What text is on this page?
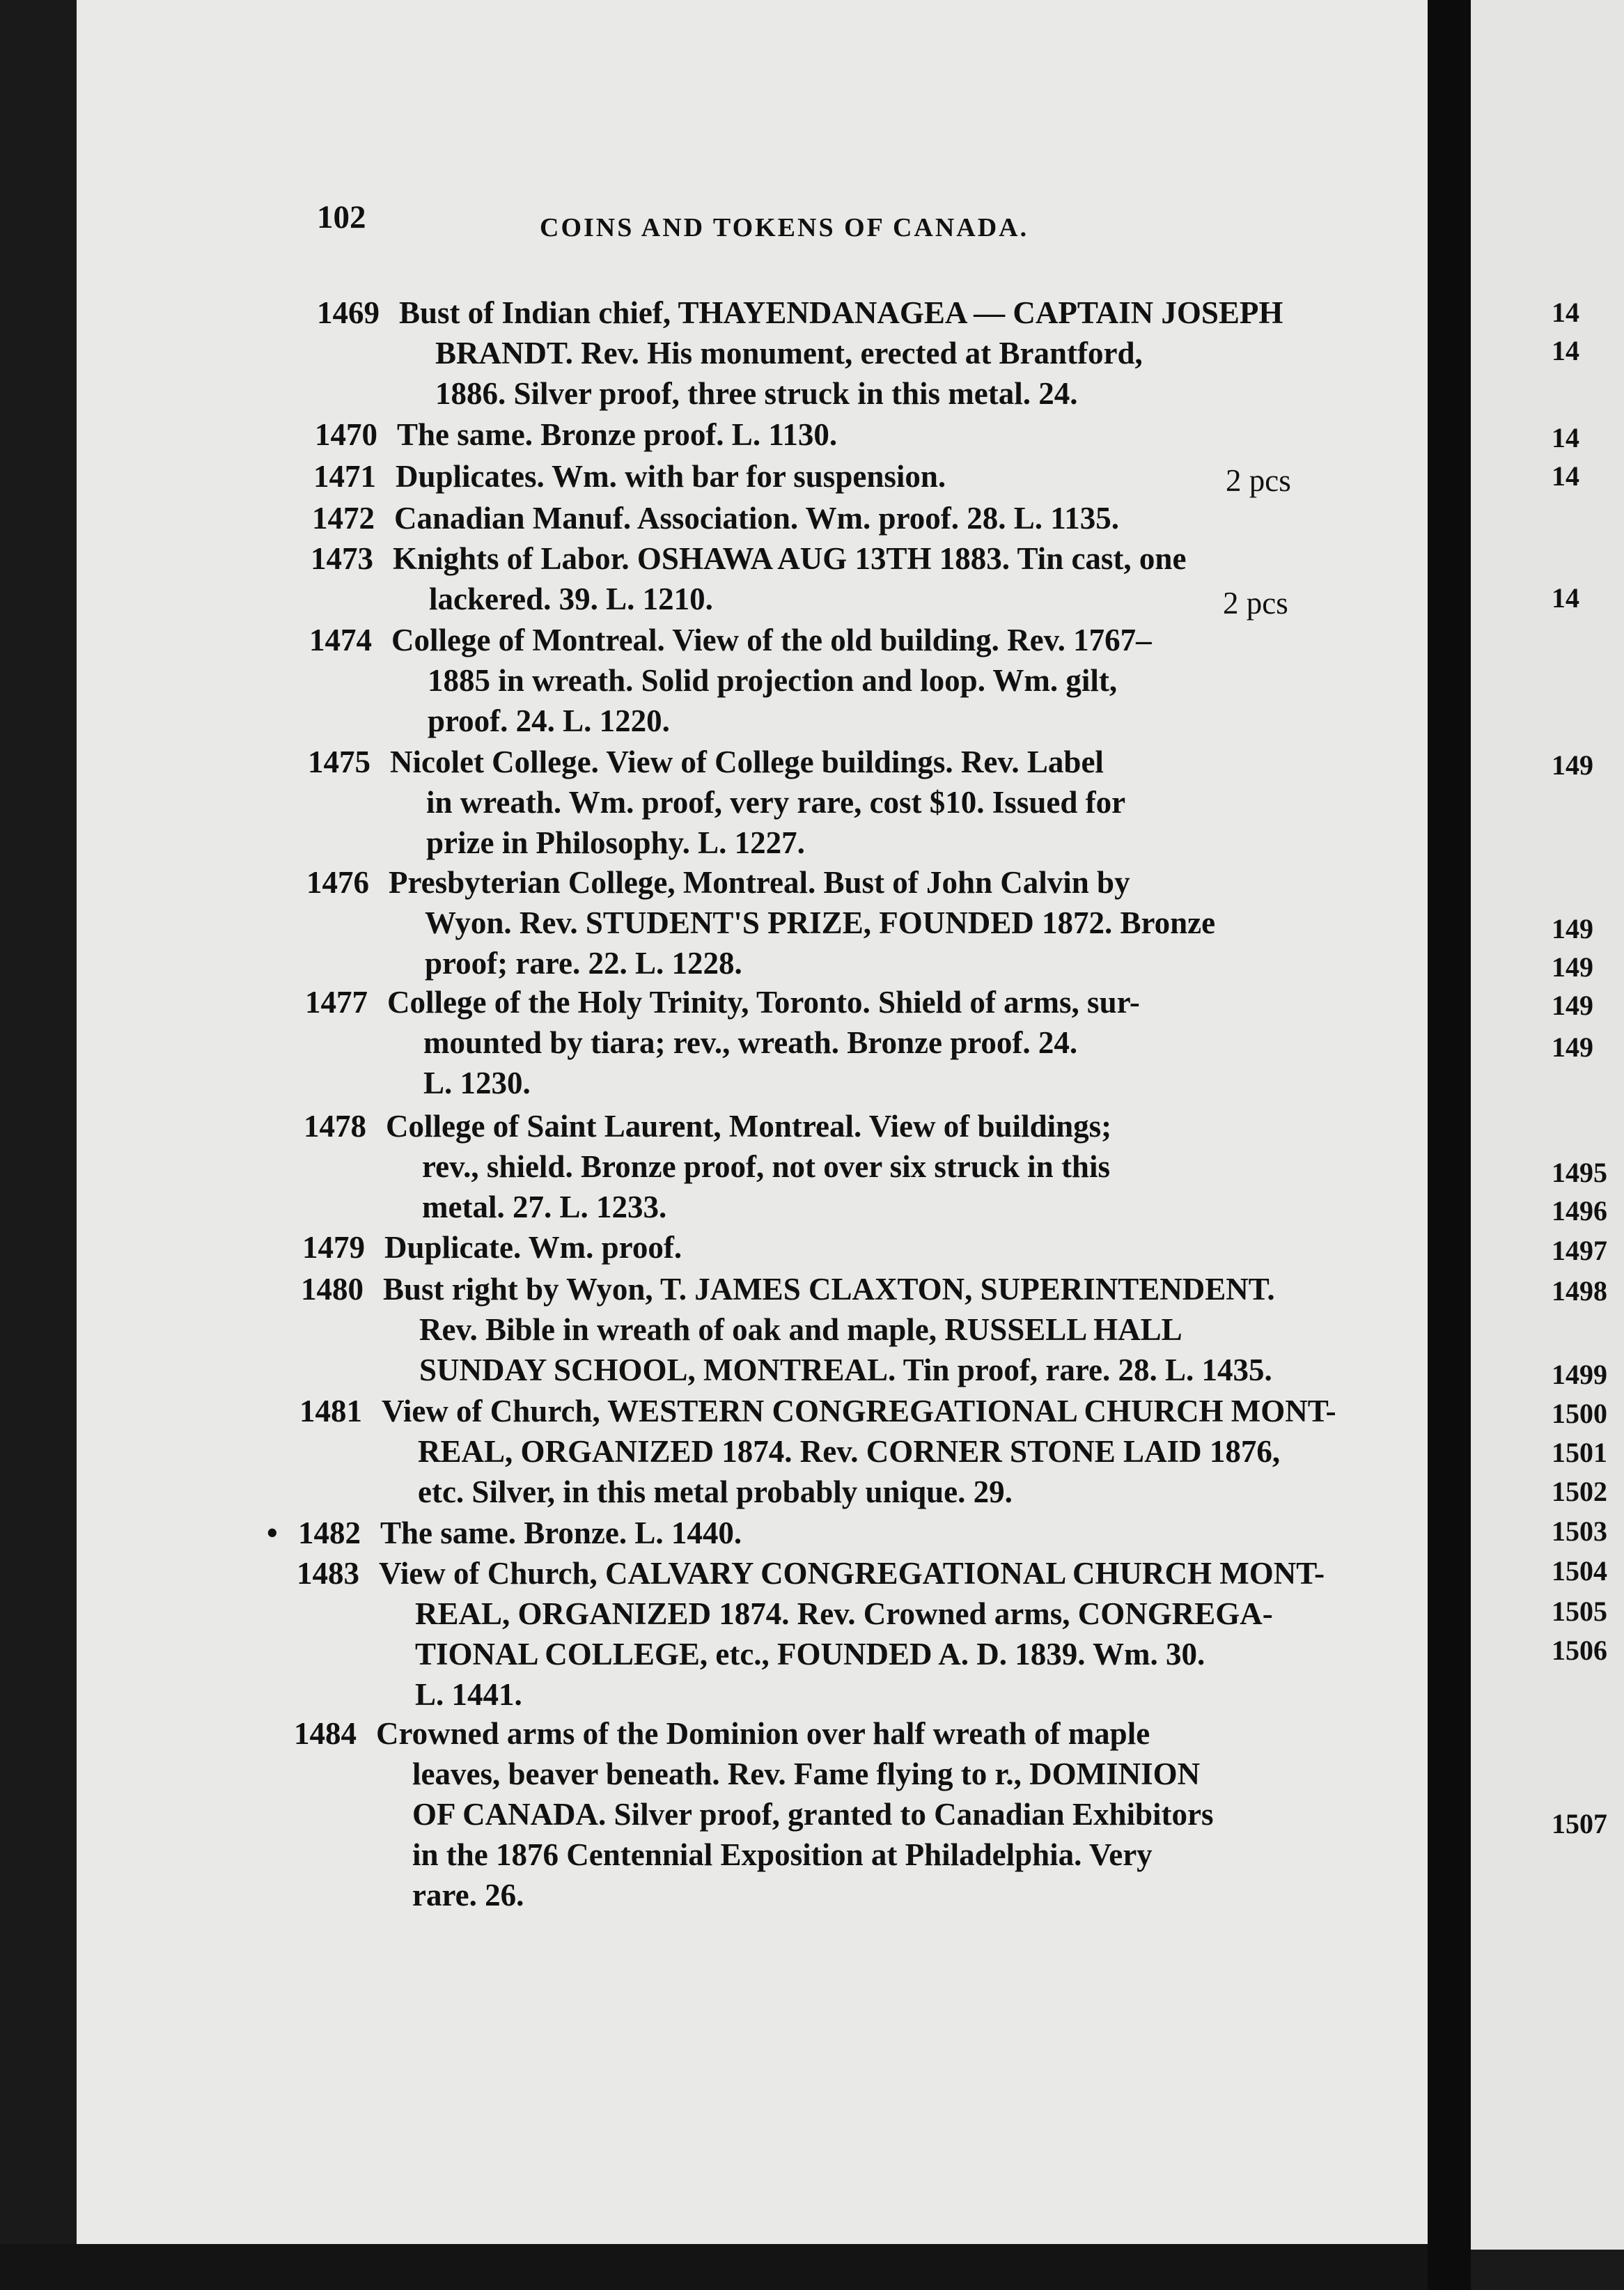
102	COINS AND TOKENS OF CANADA.
1469 Bust of Indian chief, THAYENDANAGEA — CAPTAIN JOSEPH
BRANDT. Rev. His monument, erected at Brantford,
1886. Silver proof, three struck in this metal. 24.
1470 The same. Bronze proof. L. 1130.
1471 Duplicates. Wm. with bar for suspension.	2 pcs
1472 Canadian Manuf. Association. Wm. proof. 28. L. 1135.
1473 Knights of Labor. OSHAWA AUG 13TH 1883. Tin cast, one
lackered. 39. L. 1210.	2 pcs
1474 College of Montreal. View of the old building. Rev. 1767–
1885 in wreath. Solid projection and loop. Wm. gilt,
proof. 24. L. 1220.
1475 Nicolet College. View of College buildings. Rev. Label
in wreath. Wm. proof, very rare, cost $10. Issued for
prize in Philosophy. L. 1227.
1476 Presbyterian College, Montreal. Bust of John Calvin by
Wyon. Rev. STUDENT'S PRIZE, FOUNDED 1872. Bronze
proof; rare. 22. L. 1228.
1477 College of the Holy Trinity, Toronto. Shield of arms, sur-
mounted by tiara; rev., wreath. Bronze proof. 24.
L. 1230.
1478 College of Saint Laurent, Montreal. View of buildings;
rev., shield. Bronze proof, not over six struck in this
metal. 27. L. 1233.
1479 Duplicate. Wm. proof.
1480 Bust right by Wyon, T. JAMES CLAXTON, SUPERINTENDENT.
Rev. Bible in wreath of oak and maple, RUSSELL HALL
SUNDAY SCHOOL, MONTREAL. Tin proof, rare. 28. L. 1435.
1481 View of Church, WESTERN CONGREGATIONAL CHURCH MONT-
REAL, ORGANIZED 1874. Rev. CORNER STONE LAID 1876,
etc. Silver, in this metal probably unique. 29.
• 1482 The same. Bronze. L. 1440.
1483 View of Church, CALVARY CONGREGATIONAL CHURCH MONT-
REAL, ORGANIZED 1874. Rev. Crowned arms, CONGREGA-
TIONAL COLLEGE, etc., FOUNDED A. D. 1839. Wm. 30.
L. 1441.
1484 Crowned arms of the Dominion over half wreath of maple
leaves, beaver beneath. Rev. Fame flying to r., DOMINION
OF CANADA. Silver proof, granted to Canadian Exhibitors
in the 1876 Centennial Exposition at Philadelphia. Very
rare. 26.
14
14
14
14
14
149
149
149
149
149
1495
1496
1497
1498
1499
1500
1501
1502
1503
1504
1505
1506
1507
